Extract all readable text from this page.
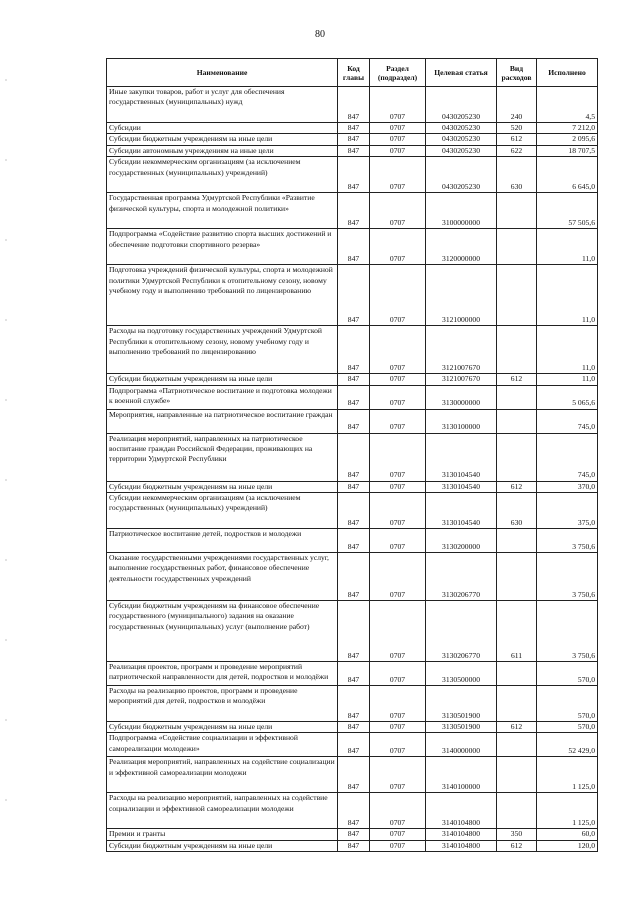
80
Наименование	Код главы	Раздел (подраздел)	Целевая статья	Вид расходов	Исполнено
Иные закупки товаров, работ и услуг для обеспечения государственных (муниципальных) нужд	847	0707	0430205230	240	4,5
Субсидии	847	0707	0430205230	520	7 212,0
Субсидии бюджетным учреждениям на иные цели	847	0707	0430205230	612	2 095,6
Субсидии автономным учреждениям на иные цели	847	0707	0430205230	622	18 707,5
Субсидии некоммерческим организациям (за исключением государственных (муниципальных) учреждений)	847	0707	0430205230	630	6 645,0
Государственная программа Удмуртской Республики «Развитие физической культуры, спорта и молодежной политики»	847	0707	3100000000		57 505,6
Подпрограмма «Содействие развитию спорта высших достижений и обеспечение подготовки спортивного резерва»	847	0707	3120000000		11,0
Подготовка учреждений физической культуры, спорта и молодежной политики Удмуртской Республики к отопительному сезону, новому учебному году и выполнению требований по лицензированию	847	0707	3121000000		11,0
Расходы на подготовку государственных учреждений Удмуртской Республики к отопительному сезону, новому учебному году и выполнению требований по лицензированию	847	0707	3121007670		11,0
Субсидии бюджетным учреждениям на иные цели	847	0707	3121007670	612	11,0
Подпрограмма «Патриотическое воспитание и подготовка молодежи к военной службе»	847	0707	3130000000		5 065,6
Мероприятия, направленные на патриотическое воспитание граждан	847	0707	3130100000		745,0
Реализация мероприятий, направленных на патриотическое воспитание граждан Российской Федерации, проживающих на территории Удмуртской Республики	847	0707	3130104540		745,0
Субсидии бюджетным учреждениям на иные цели	847	0707	3130104540	612	370,0
Субсидии некоммерческим организациям (за исключением государственных (муниципальных) учреждений)	847	0707	3130104540	630	375,0
Патриотическое воспитание детей, подростков и молодежи	847	0707	3130200000		3 750,6
Оказание государственными учреждениями государственных услуг, выполнение государственных работ, финансовое обеспечение деятельности государственных учреждений	847	0707	3130206770		3 750,6
Субсидии бюджетным учреждениям на финансовое обеспечение государственного (муниципального) задания на оказание государственных (муниципальных) услуг (выполнение работ)	847	0707	3130206770	611	3 750,6
Реализация проектов, программ и проведение мероприятий патриотической направленности для детей, подростков и молодёжи	847	0707	3130500000		570,0
Расходы на реализацию проектов, программ и проведение мероприятий для детей, подростков и молодёжи	847	0707	3130501900		570,0
Субсидии бюджетным учреждениям на иные цели	847	0707	3130501900	612	570,0
Подпрограмма «Содействие социализации и эффективной самореализации молодежи»	847	0707	3140000000		52 429,0
Реализация мероприятий, направленных на содействие социализации и эффективной самореализации молодежи	847	0707	3140100000		1 125,0
Расходы на реализацию мероприятий, направленных на содействие социализации и эффективной самореализации молодежи	847	0707	3140104800		1 125,0
Премии и гранты	847	0707	3140104800	350	60,0
Субсидии бюджетным учреждениям на иные цели	847	0707	3140104800	612	120,0
